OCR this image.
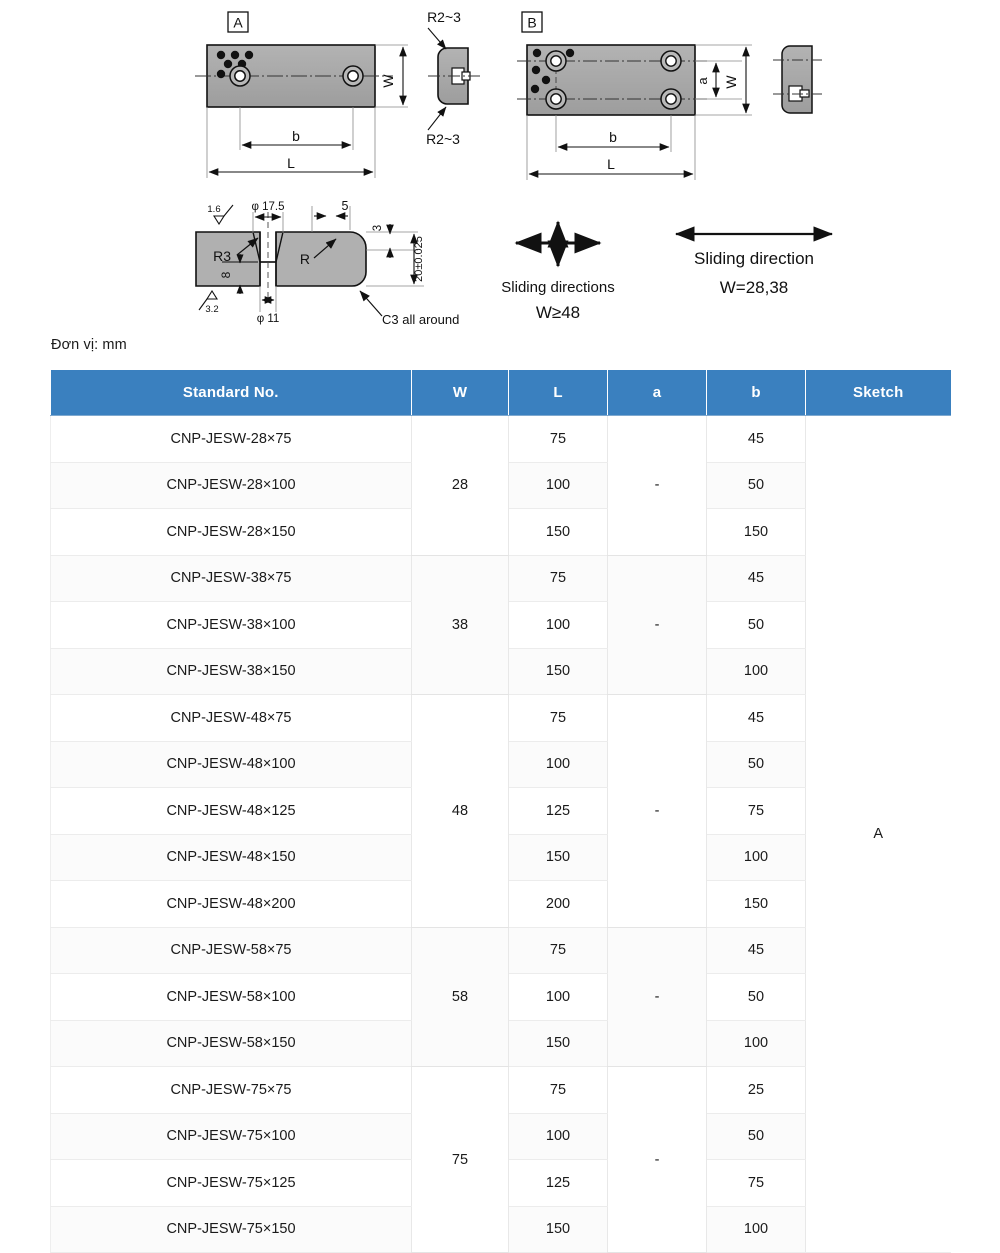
A
W
b
L
R2~3
R2~3
B
a W
b
L
φ 17.5
φ 11
5
3
20±0.025
8
R3	R
1.6
3.2
C3 all around
Sliding directions
W≥48
Sliding direction
W=28,38
Đơn vị: mm
Standard No.	W	L	a	b	Sketch
CNP-JESW-28×75	28	75	-	45	A
CNP-JESW-28×100		100		50	
CNP-JESW-28×150		150		150	
CNP-JESW-38×75	38	75	-	45	
CNP-JESW-38×100		100		50	
CNP-JESW-38×150		150		100	
CNP-JESW-48×75	48	75	-	45	
CNP-JESW-48×100		100		50	
CNP-JESW-48×125		125		75	
CNP-JESW-48×150		150		100	
CNP-JESW-48×200		200		150	
CNP-JESW-58×75	58	75	-	45	
CNP-JESW-58×100		100		50	
CNP-JESW-58×150		150		100	
CNP-JESW-75×75	75	75	-	25	
CNP-JESW-75×100		100		50	
CNP-JESW-75×125		125		75	
CNP-JESW-75×150		150		100	
